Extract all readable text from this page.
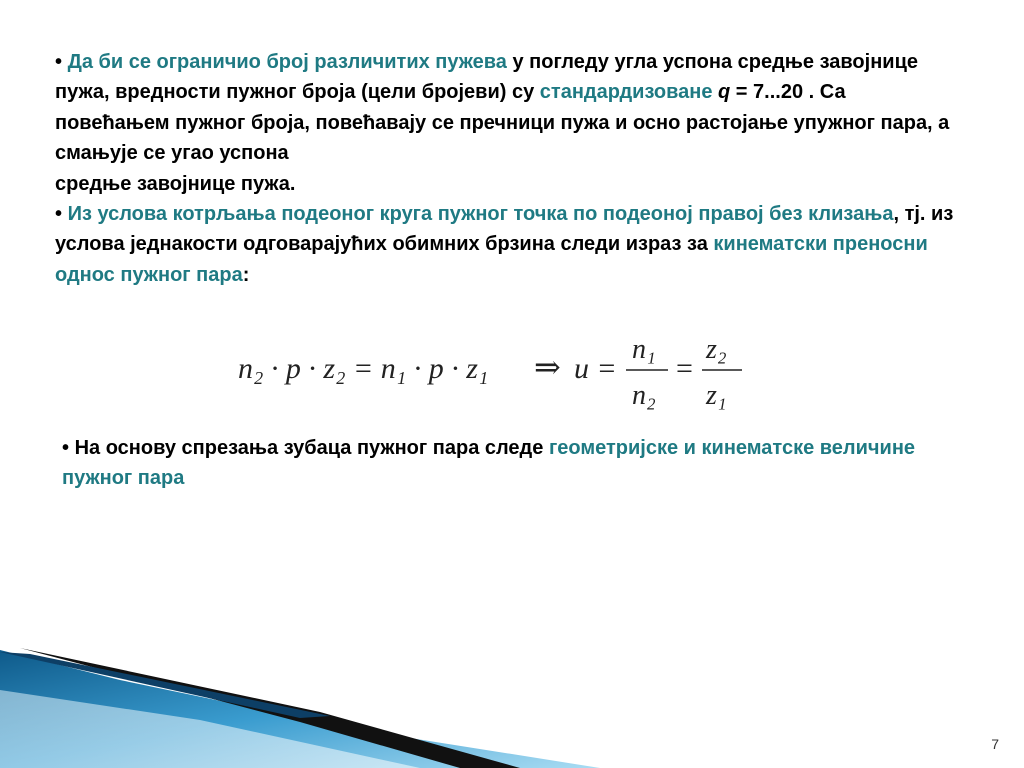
• Да би се ограничио број различитих пужева у погледу угла успона средње завојнице пужа, вредности пужног броја (цели бројеви) су стандардизоване q = 7...20 . Са повећањем пужног броја, повећавају се пречници пужа и осно растојање упужног пара, а смањује се угао успона
средње завојнице пужа.
• Из услова котрљања подеоног круга пужног точка по подеоној правој без клизања, тј. из услова једнакости одговарајућих обимних брзина следи израз за кинематски преносни однос пужног пара:
n₂ · p · z₂ = n₁ · p · z₁ ⇒ u =
n₁
n₂
=
z₂
z₁
• На основу спрезања зубаца пужног пара следе геометријске и кинематске величине пужног пара
7
